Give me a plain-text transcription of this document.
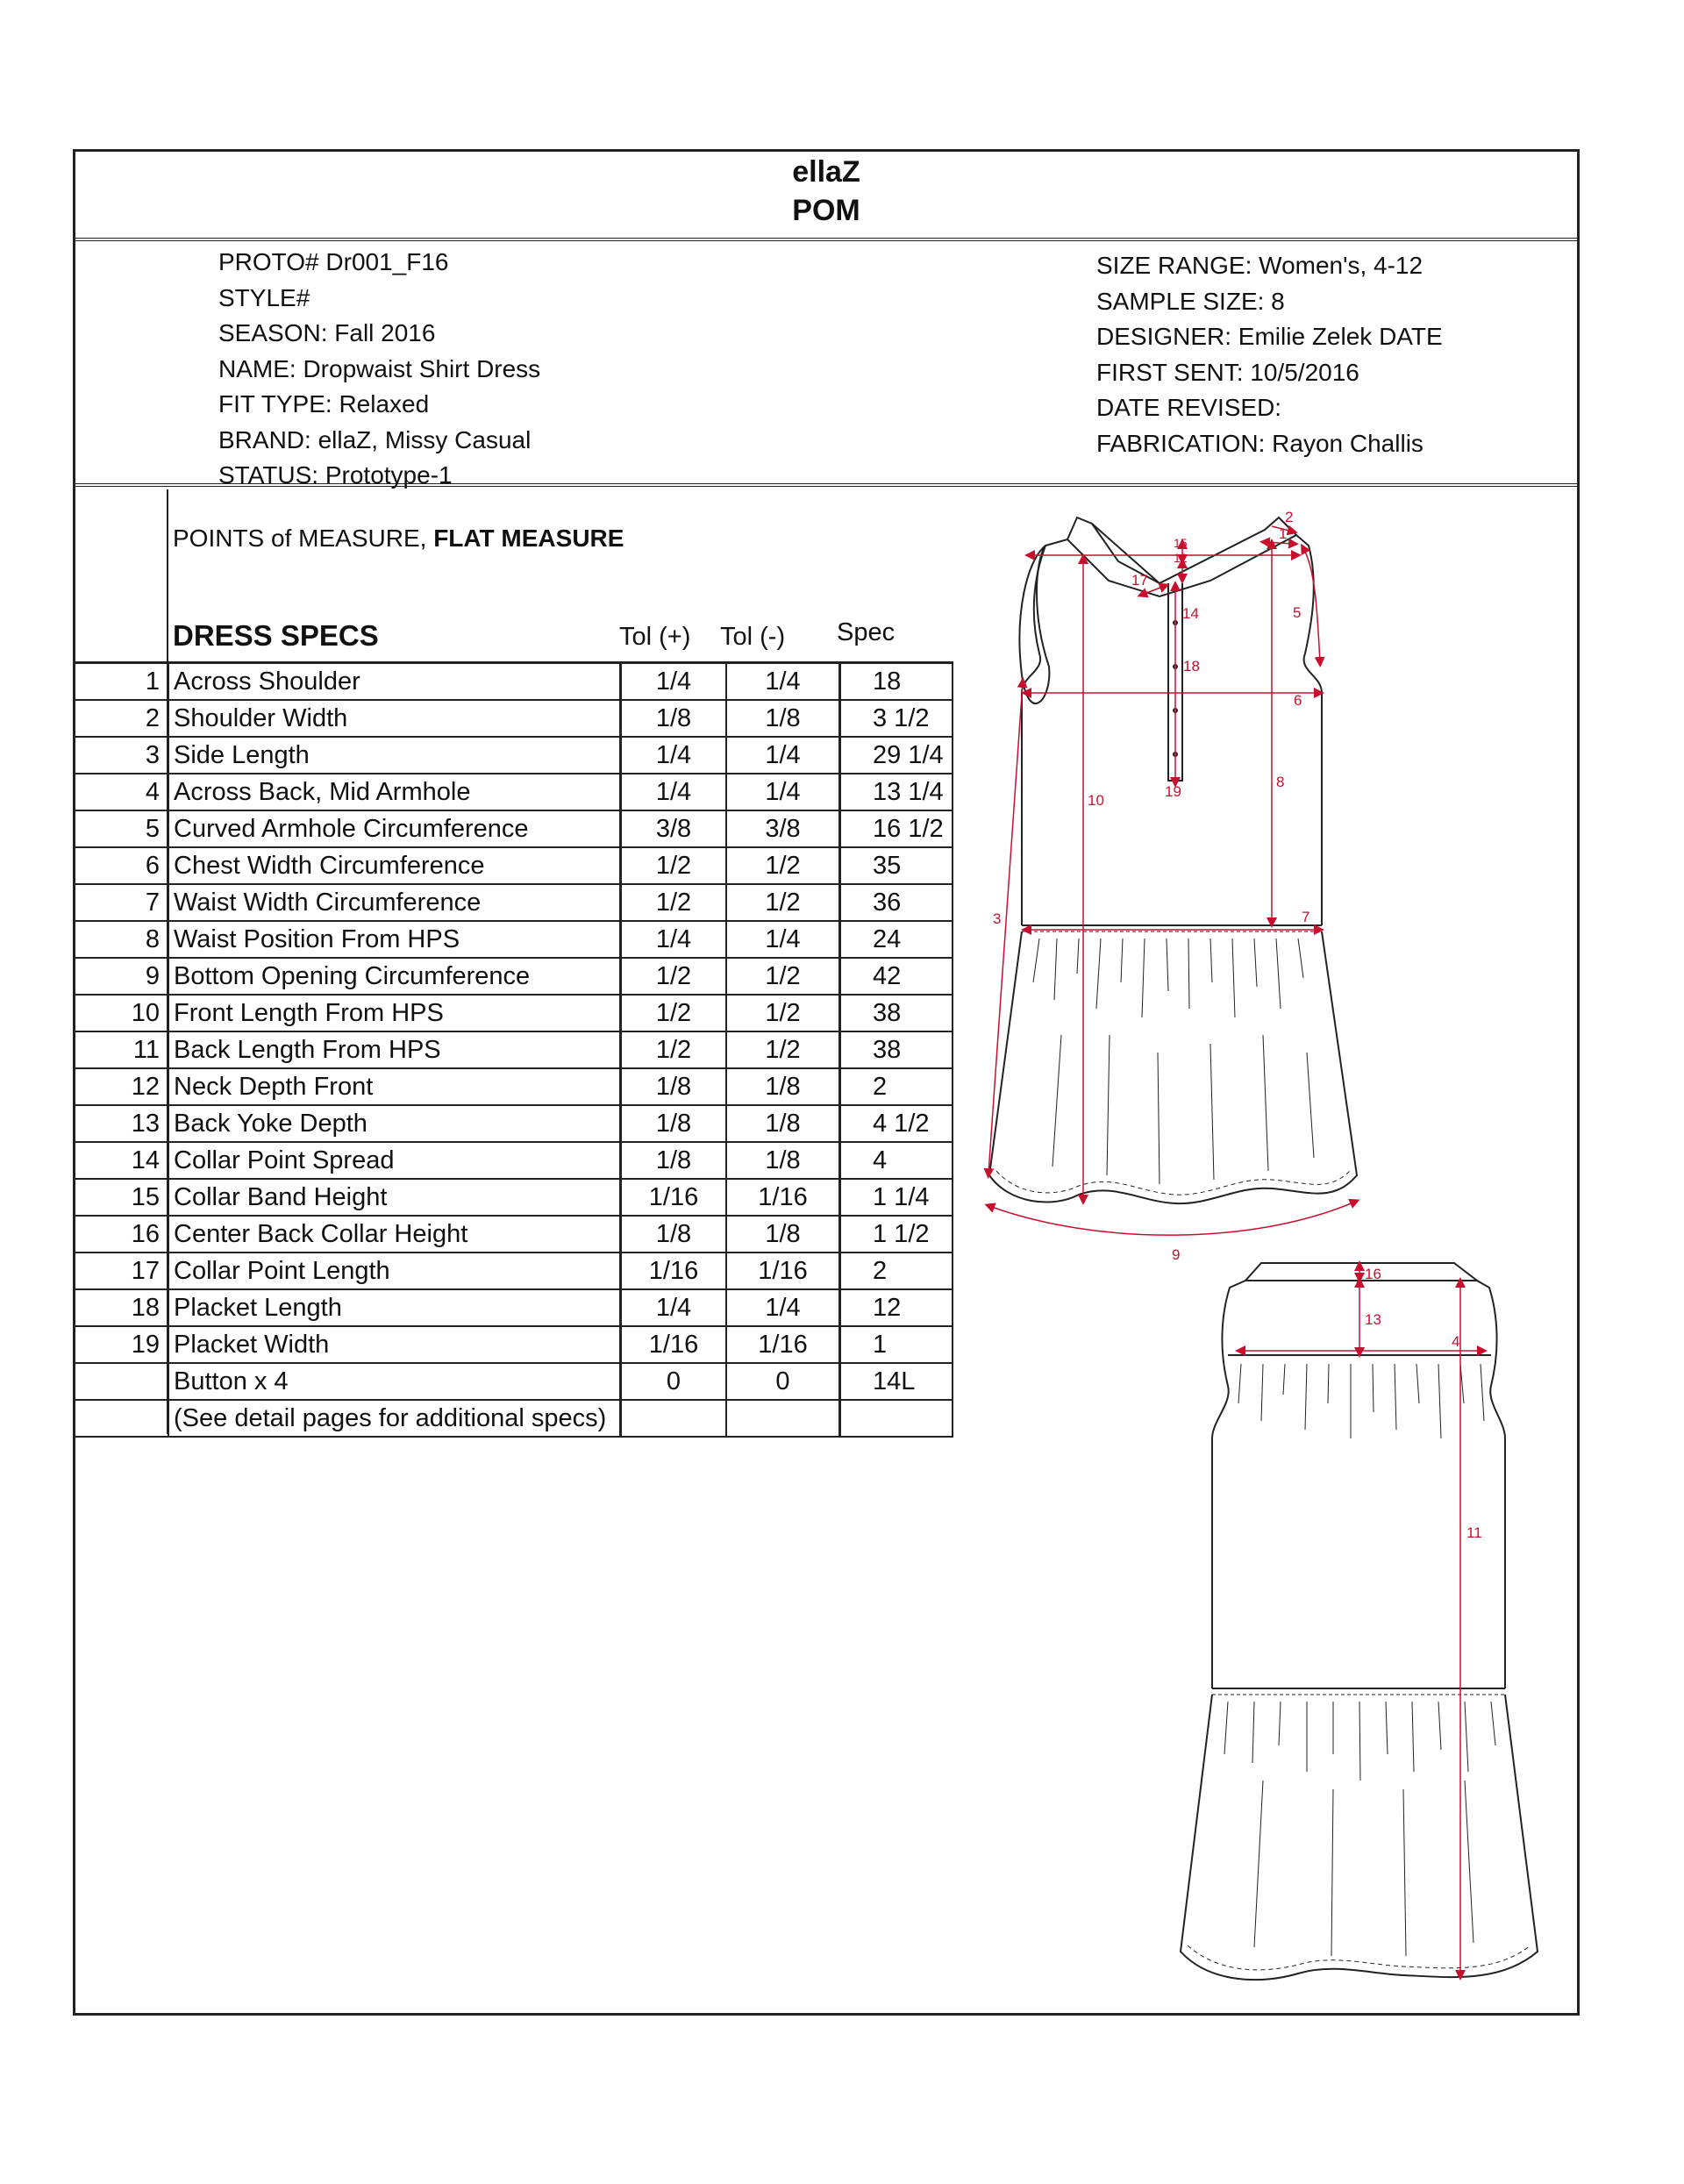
ellaZ
POM
PROTO# Dr001_F16
STYLE#
SEASON: Fall 2016
NAME: Dropwaist Shirt Dress
FIT TYPE: Relaxed
BRAND: ellaZ, Missy Casual
STATUS: Prototype-1
SIZE RANGE: Women's, 4-12
SAMPLE SIZE: 8
DESIGNER: Emilie Zelek DATE
FIRST SENT: 10/5/2016
DATE REVISED:
FABRICATION: Rayon Challis
POINTS of MEASURE, FLAT MEASURE
DRESS SPECS	Tol (+) Tol (-) Spec
1	Across Shoulder	1/4	1/4	18
2	Shoulder Width	1/8	1/8	3 1/2
3	Side Length	1/4	1/4	29 1/4
4	Across Back, Mid Armhole	1/4	1/4	13 1/4
5	Curved Armhole Circumference	3/8	3/8	16 1/2
6	Chest Width Circumference	1/2	1/2	35
7	Waist Width Circumference	1/2	1/2	36
8	Waist Position From HPS	1/4	1/4	24
9	Bottom Opening Circumference	1/2	1/2	42
10	Front Length From HPS	1/2	1/2	38
11	Back Length From HPS	1/2	1/2	38
12	Neck Depth Front	1/8	1/8	2
13	Back Yoke Depth	1/8	1/8	4 1/2
14	Collar Point Spread	1/8	1/8	4
15	Collar Band Height	1/16	1/16	1 1/4
16	Center Back Collar Height	1/8	1/8	1 1/2
17	Collar Point Length	1/16	1/16	2
18	Placket Length	1/4	1/4	12
19	Placket Width	1/16	1/16	1
	Button x 4	0	0	14L
	(See detail pages for additional specs)			
1
2
3
5
6
7
8
9
10
12
14
15
17
18
19
4
11
13
16
